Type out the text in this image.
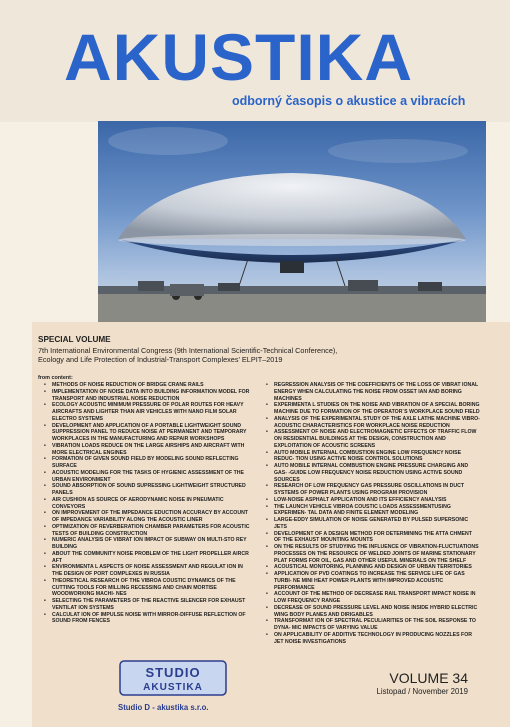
AKUSTIKA
odborný časopis o akustice a vibracích
SPECIAL VOLUME
7th International Environmental Congress (9th International Scientific-Technical Conference),
Ecology and Life Protection of Industrial-Transport Complexes' ELPIT–2019
from content:
• METHODS OF NOISE REDUCTION OF BRIDGE CRANE RAILS
• IMPLEMENTATION OF NOISE DATA INTO BUILDING INFORMATION MODEL FOR TRANSPORT AND INDUSTRIAL NOISE REDUCTION
• ECOLOGY ACOUSTIC MINIMUM PRESSURE OF POLAR ROUTES FOR HEAVY AIRCRAFTS AND LIGHTER THAN AIR VEHICLES WITH NANO FILM SOLAR ELECTRO SYSTEMS
• DEVELOPMENT AND APPLICATION OF A PORTABLE LIGHTWEIGHT SOUND SUPPRESSION PANEL TO REDUCE NOISE AT PERMANENT AND TEMPORARY WORKPLACES IN THE MANUFACTURING AND REPAIR WORKSHOPS
• VIBRATION LOADS REDUCE ON THE LARGE AIRSHIPS AND AIRCRAFT WITH MORE ELECTRICAL ENGINES
• FORMATION OF GIVEN SOUND FIELD BY MODELING SOUND REFLECTING SURFACE
• ACOUSTIC MODELING FOR THE TASKS OF HYGIENIC ASSESSMENT OF THE URBAN ENVIRONMENT
• SOUND ABSORPTION OF SOUND SUPRESSING LIGHTWEIGHT STRUCTURED PANELS
• AIR CUSHION AS SOURCE OF AERODYNAMIC NOISE IN PNEUMATIC CONVEYORS
• ON IMPROVEMENT OF THE IMPEDANCE EDUCTION ACCURACY BY ACCOUNT OF IMPEDANCE VARIABILITY ALONG THE ACOUSTIC LINER
• OPTIMIZATION OF REVERBERATION CHAMBER PARAMETERS FOR ACOUSTIC TESTS OF BUILDING CONSTRUCTION
• NUMERIC ANALYSIS OF VIBRAT ION IMPACT OF SUBWAY ON MULTI-STO REY BUILDING
• ABOUT THE COMMUNITY NOISE PROBLEM OF THE LIGHT PROPELLER AIRCR AFT
• ENVIRONMENTA L ASPECTS OF NOISE ASSESSMENT AND REGULAT ION IN THE DESIGN OF PORT COMPLEXES IN RUSSIA
• THEORETICAL RESEARCH OF THE VIBROA COUSTIC DYNAMICS OF THE CUTTING TOOLS FOR MILLING RECESSING AND CHAIN MORTISE WOODWORKING MACHI- NES
• SELECTING THE PARAMETERS OF THE REACTIVE SILENCER FOR EXHAUST VENTILAT ION SYSTEMS
• CALCULAT ION OF IMPULSE NOISE WITH MIRROR-DIFFUSE REFLECTION OF SOUND FROM FENCES
• REGRESSION ANALYSIS OF THE COEFFICIENTS OF THE LOSS OF VIBRAT IONAL ENERGY WHEN CALCULATING THE NOISE FROM OSSET IAN AND BORING MACHINES
• EXPERIMENTA L STUDIES ON THE NOISE AND VIBRATION OF A SPECIAL BORING MACHINE DUE TO FORMATION OF THE OPERATOR´S WORKPLACE SOUND FIELD
• ANALYSIS OF THE EXPERIMENTAL STUDY OF THE AXLE LATHE MACHINE VIBRO- ACOUSTIC CHARACTERISTICS FOR WORKPLACE NOISE REDUCTION
• ASSESSMENT OF NOISE AND ELECTROMAGNETIC EFFECTS OF TRAFFIC FLOW ON RESIDENTIAL BUILDINGS AT THE DESIGN, CONSTRUCTION AND EXPLOITATION OF ACOUSTIC SCREENS
• AUTO MOBILE INTERNAL COMBUSTION ENGINE LOW FREQUENCY NOISE REDUC- TION USING ACTIVE NOISE CONTROL SOLUTIONS
• AUTO MOBILE INTERNAL COMBUSTION ENGINE PRESSURE CHARGING AND GAS- -GUIDE LOW FREQUENCY NOISE REDUCTION USING ACTIVE SOUND SOURCES
• RESEARCH OF LOW FREQUENCY GAS PRESSURE OSCILLATIONS IN DUCT SYSTEMS OF POWER PLANTS USING PROGRAM PROVISION
• LOW-NOISE ASPHALT APPLICATION AND ITS EFFICIENCY ANALYSIS
• THE LAUNCH VEHICLE VIBROA COUSTIC LOADS ASSESSMENTUSING EXPERIMEN- TAL DATA AND FINITE ELEMENT MODELING
• LARGE-EDDY SIMULATION OF NOISE GENERATED BY PULSED SUPERSONIC JETS
• DEVELOPMENT OF A DESIGN METHOD FOR DETERMINING THE ATTA CHMENT OF THE EXHAUST MOUNTING MOUNTS
• ON THE RESULTS OF STUDYING THE INFLUENCE OF VIBRATION-FLUCTUATIONS PROCESSES ON THE RESOURCE OF WELDED JOINTS OF MARINE STATIONARY PLAT FORMS FOR OIL, GAS AND OTHER USEFUL MINERALS ON THE SHELF
• ACOUSTICAL MONITORING, PLANNING AND DESIGN OF URBAN TERRITORIES
• APPLICATION OF PVD COATINGS TO INCREASE THE SERVICE LIFE OF GAS TURBI- NE MINI HEAT POWER PLANTS WITH IMPROVED ACOUSTIC PERFORMANCE
• ACCOUNT OF THE METHOD OF DECREASE RAIL TRANSPORT IMPACT NOISE IN LOW FREQUENCY RANGE
• DECREASE OF SOUND PRESSURE LEVEL AND NOISE INSIDE HYBRID ELECTRIC WING BODY PLANES AND DIRIGABLES
• TRANSFORMAT ION OF SPECTRAL PECULIARITIES OF THE SOIL RESPONSE TO DYNA- MIC IMPACTS OF VARYING VALUE
• ON APPLICABILITY OF ADDITIVE TECHNOLOGY IN PRODUCING NOZZLES FOR JET NOISE INVESTIGATIONS
STUDIO
AKUSTIKA
Studio D - akustika s.r.o.
VOLUME 34
Listopad / November 2019
